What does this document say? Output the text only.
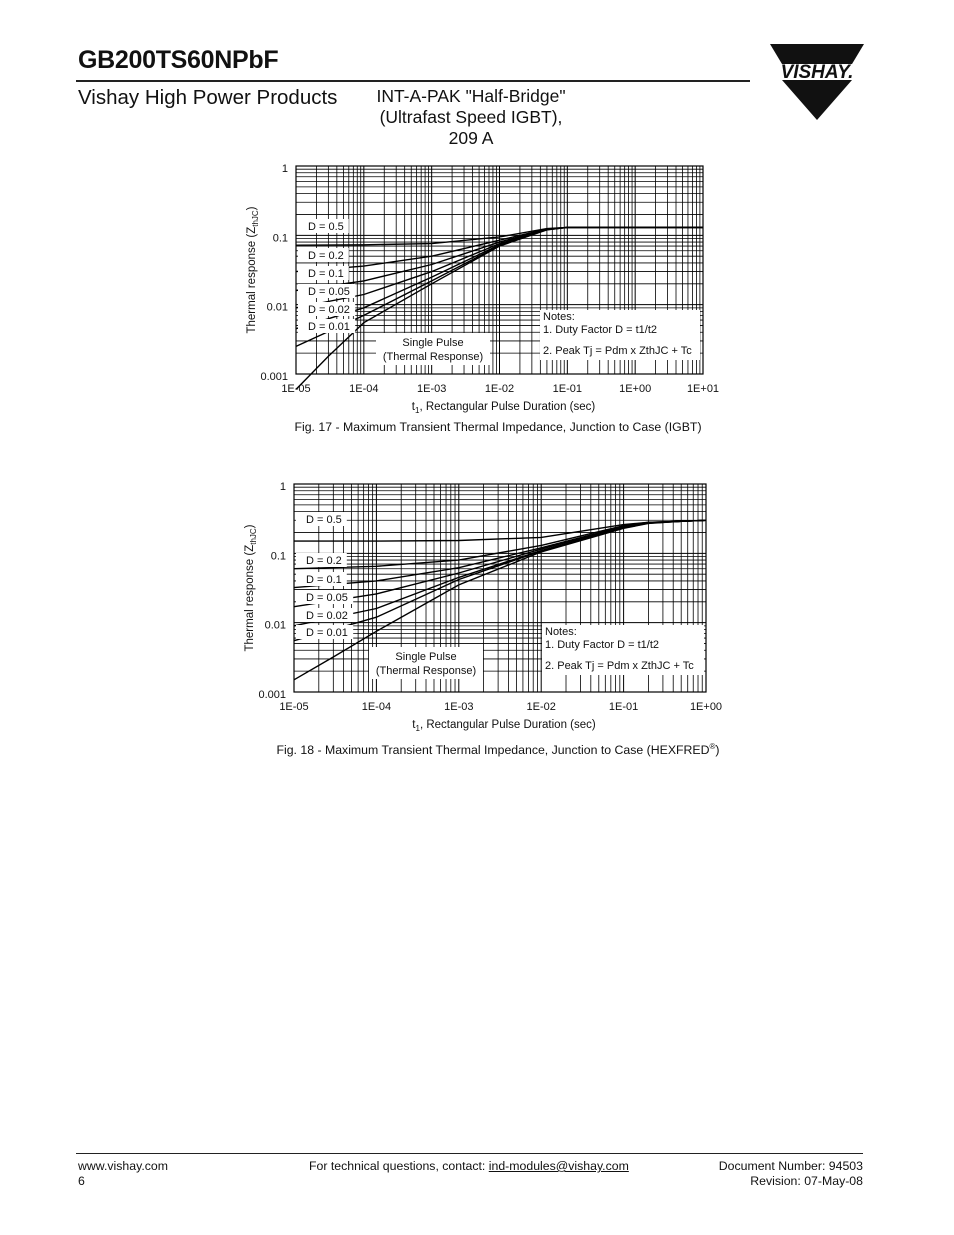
GB200TS60NPbF
Vishay High Power Products	INT-A-PAK "Half-Bridge"
(Ultrafast Speed IGBT),
209 A
VISHAY.
1E-05	1E-04	1E-03	1E-02	1E-01	1E+00	1E+01
0.001
0.01
0.1
1
$t_1$, Rectangular Pulse Duration (sec)
Thermal response $(Z_{thJC})$
D = 0.5
D = 0.2
D = 0.1
D = 0.05
D = 0.02
D = 0.01
Notes:
1. Duty Factor D = t1/t2
2. Peak Tj = Pdm x ZthJC + Tc
Single Pulse
(Thermal Response)
Fig. 17 - Maximum Transient Thermal Impedance, Junction to Case (IGBT)
1E-05	1E-04	1E-03	1E-02	1E-01	1E+00
0.001
0.01
0.1
1
$t_1$, Rectangular Pulse Duration (sec)
Thermal response $(Z_{thJC})$
D = 0.5
D = 0.2
D = 0.1
D = 0.05
D = 0.02
D = 0.01	Notes:
1. Duty Factor D = t1/t2
2. Peak Tj = Pdm x ZthJC + Tc
Single Pulse
(Thermal Response)
Fig. 18 - Maximum Transient Thermal Impedance, Junction to Case (HEXFRED®)
www.vishay.com
6
For technical questions, contact: ind-modules@vishay.com	Document Number: 94503
Revision: 07-May-08
